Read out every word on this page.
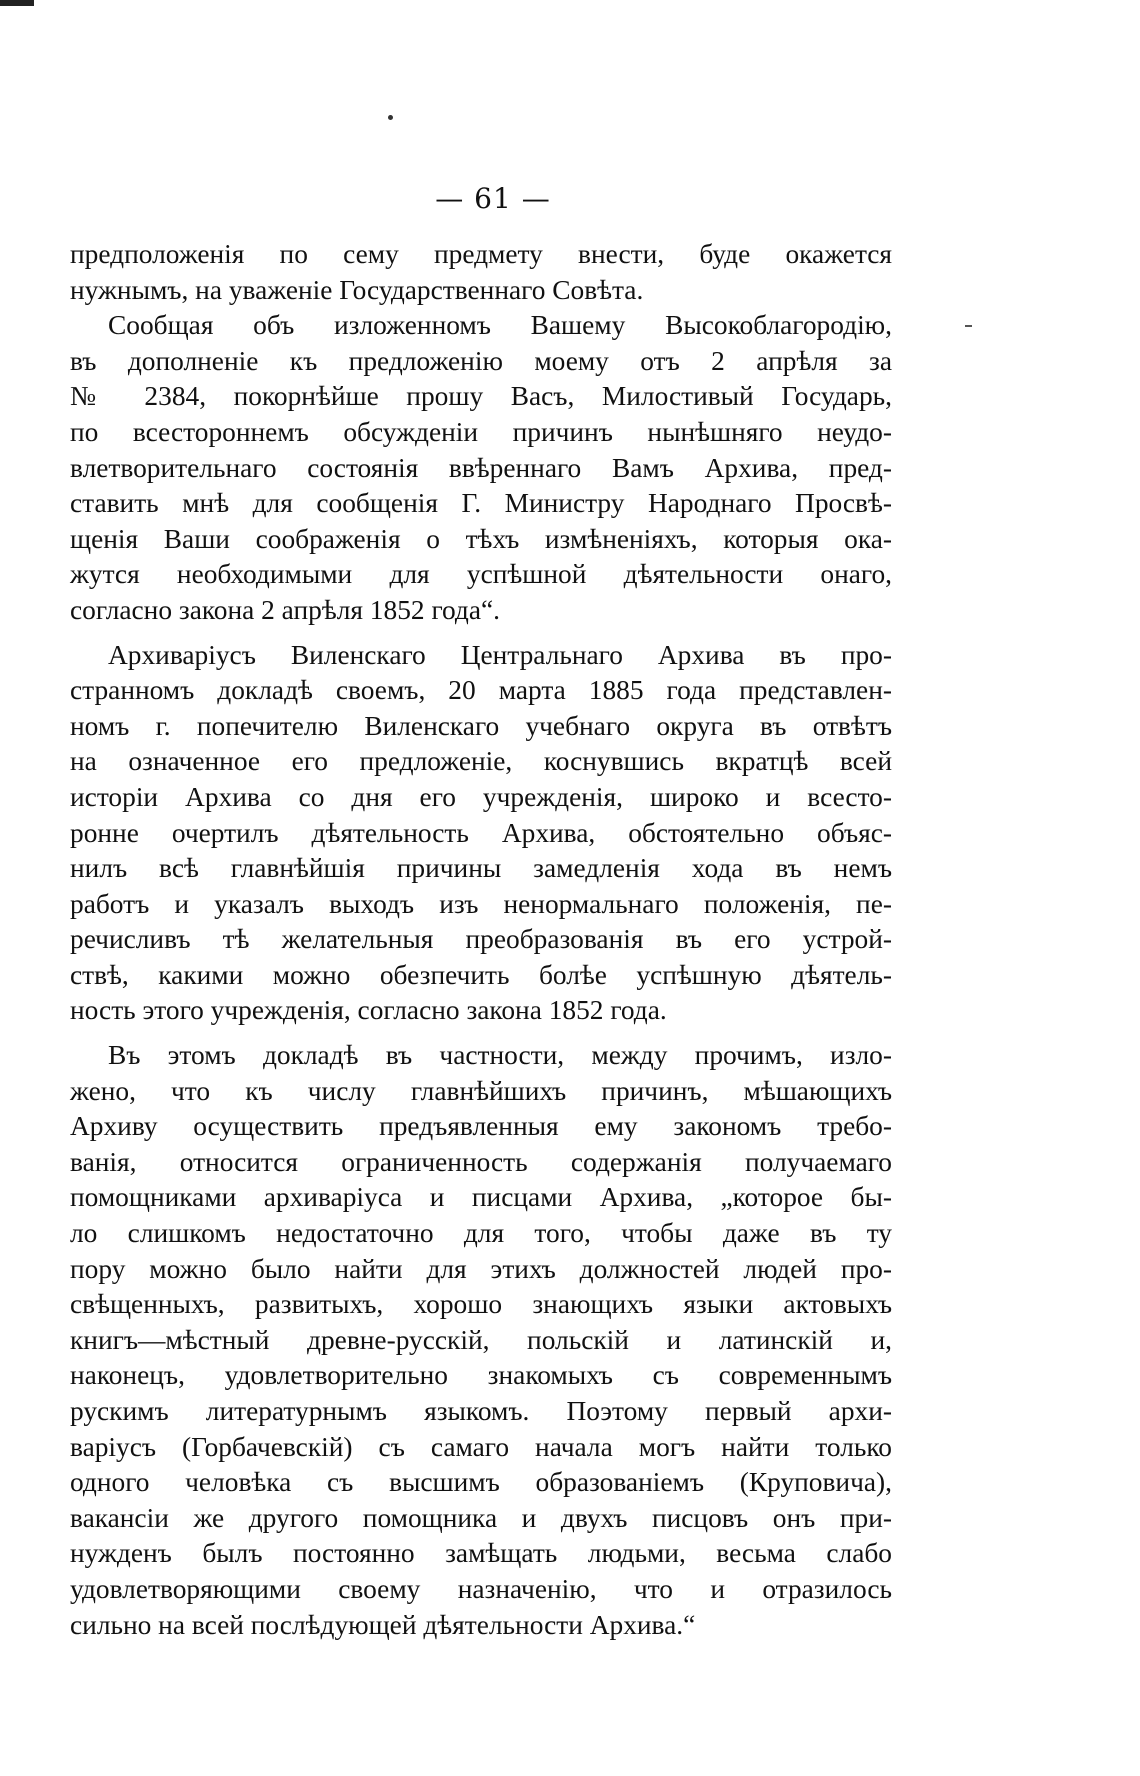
— 61 —
предположенія по сему предмету внести, буде окажется
нужнымъ, на уваженіе Государственнаго Совѣта.
Сообщая объ изложенномъ Вашему Высокоблагородію,
въ дополненіе къ предложенію моему отъ 2 апрѣля за
№ 2384, покорнѣйше прошу Васъ, Милостивый Государь,
по всестороннемъ обсужденіи причинъ нынѣшняго неудо-
влетворительнаго состоянія ввѣреннаго Вамъ Архива, пред-
ставить мнѣ для сообщенія Г. Министру Народнаго Просвѣ-
щенія Ваши соображенія о тѣхъ измѣненіяхъ, которыя ока-
жутся необходимыми для успѣшной дѣятельности онаго,
согласно закона 2 апрѣля 1852 года“.
Архиваріусъ Виленскаго Центральнаго Архива въ про-
странномъ докладѣ своемъ, 20 марта 1885 года представлен-
номъ г. попечителю Виленскаго учебнаго округа въ отвѣтъ
на означенное его предложеніе, коснувшись вкратцѣ всей
исторіи Архива со дня его учрежденія, широко и всесто-
ронне очертилъ дѣятельность Архива, обстоятельно объяс-
нилъ всѣ главнѣйшія причины замедленія хода въ немъ
работъ и указалъ выходъ изъ ненормальнаго положенія, пе-
речисливъ тѣ желательныя преобразованія въ его устрой-
ствѣ, какими можно обезпечить болѣе успѣшную дѣятель-
ность этого учрежденія, согласно закона 1852 года.
Въ этомъ докладѣ въ частности, между прочимъ, изло-
жено, что къ числу главнѣйшихъ причинъ, мѣшающихъ
Архиву осуществить предъявленныя ему закономъ требо-
ванія, относится ограниченность содержанія получаемаго
помощниками архиваріуса и писцами Архива, „которое бы-
ло слишкомъ недостаточно для того, чтобы даже въ ту
пору можно было найти для этихъ должностей людей про-
свѣщенныхъ, развитыхъ, хорошо знающихъ языки актовыхъ
книгъ—мѣстный древне-русскій, польскій и латинскій и,
наконецъ, удовлетворительно знакомыхъ съ современнымъ
рускимъ литературнымъ языкомъ. Поэтому первый архи-
варіусъ (Горбачевскій) съ самаго начала могъ найти только
одного человѣка съ высшимъ образованіемъ (Круповича),
вакансіи же другого помощника и двухъ писцовъ онъ при-
нужденъ былъ постоянно замѣщать людьми, весьма слабо
удовлетворяющими своему назначенію, что и отразилось
сильно на всей послѣдующей дѣятельности Архива.“
